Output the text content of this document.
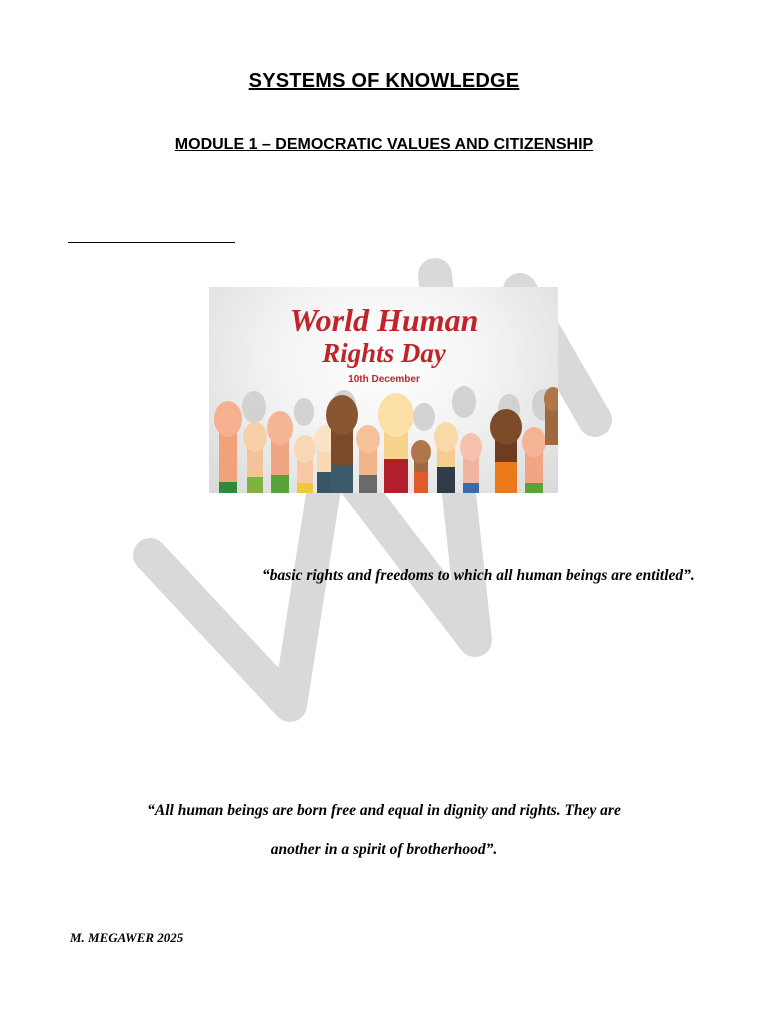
SYSTEMS OF KNOWLEDGE
MODULE 1 – DEMOCRATIC VALUES AND CITIZENSHIP
World Human
Rights Day
10th December
“basic rights and freedoms to which all human beings are entitled”.
“All human beings are born free and equal in dignity and rights. They are
another in a spirit of brotherhood”.
M. MEGAWER 2025
